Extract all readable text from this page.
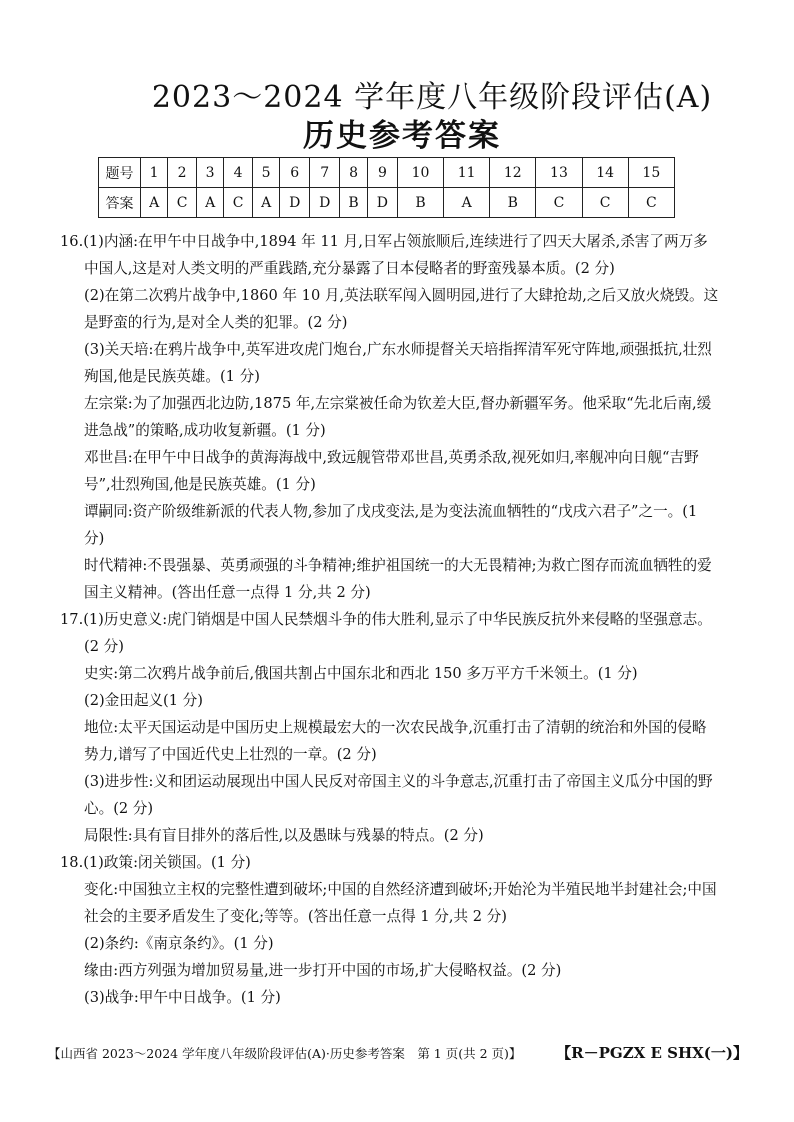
2023～2024 学年度八年级阶段评估(A)
历史参考答案
题号	1	2	3	4	5	6	7	8	9	10	11	12	13	14	15
答案	A	C	A	C	A	D	D	B	D	B	A	B	C	C	C
16.(1)内涵:在甲午中日战争中,1894 年 11 月,日军占领旅顺后,连续进行了四天大屠杀,杀害了两万多中国人,这是对人类文明的严重践踏,充分暴露了日本侵略者的野蛮残暴本质。(2 分)
(2)在第二次鸦片战争中,1860 年 10 月,英法联军闯入圆明园,进行了大肆抢劫,之后又放火烧毁。这是野蛮的行为,是对全人类的犯罪。(2 分)
(3)关天培:在鸦片战争中,英军进攻虎门炮台,广东水师提督关天培指挥清军死守阵地,顽强抵抗,壮烈殉国,他是民族英雄。(1 分)
左宗棠:为了加强西北边防,1875 年,左宗棠被任命为钦差大臣,督办新疆军务。他采取“先北后南,缓进急战”的策略,成功收复新疆。(1 分)
邓世昌:在甲午中日战争的黄海海战中,致远舰管带邓世昌,英勇杀敌,视死如归,率舰冲向日舰“吉野号”,壮烈殉国,他是民族英雄。(1 分)
谭嗣同:资产阶级维新派的代表人物,参加了戊戌变法,是为变法流血牺牲的“戊戌六君子”之一。(1 分)
时代精神:不畏强暴、英勇顽强的斗争精神;维护祖国统一的大无畏精神;为救亡图存而流血牺牲的爱国主义精神。(答出任意一点得 1 分,共 2 分)
17.(1)历史意义:虎门销烟是中国人民禁烟斗争的伟大胜利,显示了中华民族反抗外来侵略的坚强意志。(2 分)
史实:第二次鸦片战争前后,俄国共割占中国东北和西北 150 多万平方千米领土。(1 分)
(2)金田起义(1 分)
地位:太平天国运动是中国历史上规模最宏大的一次农民战争,沉重打击了清朝的统治和外国的侵略势力,谱写了中国近代史上壮烈的一章。(2 分)
(3)进步性:义和团运动展现出中国人民反对帝国主义的斗争意志,沉重打击了帝国主义瓜分中国的野心。(2 分)
局限性:具有盲目排外的落后性,以及愚昧与残暴的特点。(2 分)
18.(1)政策:闭关锁国。(1 分)
变化:中国独立主权的完整性遭到破坏;中国的自然经济遭到破坏;开始沦为半殖民地半封建社会;中国社会的主要矛盾发生了变化;等等。(答出任意一点得 1 分,共 2 分)
(2)条约:《南京条约》。(1 分)
缘由:西方列强为增加贸易量,进一步打开中国的市场,扩大侵略权益。(2 分)
(3)战争:甲午中日战争。(1 分)
【山西省 2023～2024 学年度八年级阶段评估(A)·历史参考答案　第 1 页(共 2 页)】 【R－PGZX E SHX(一)】
